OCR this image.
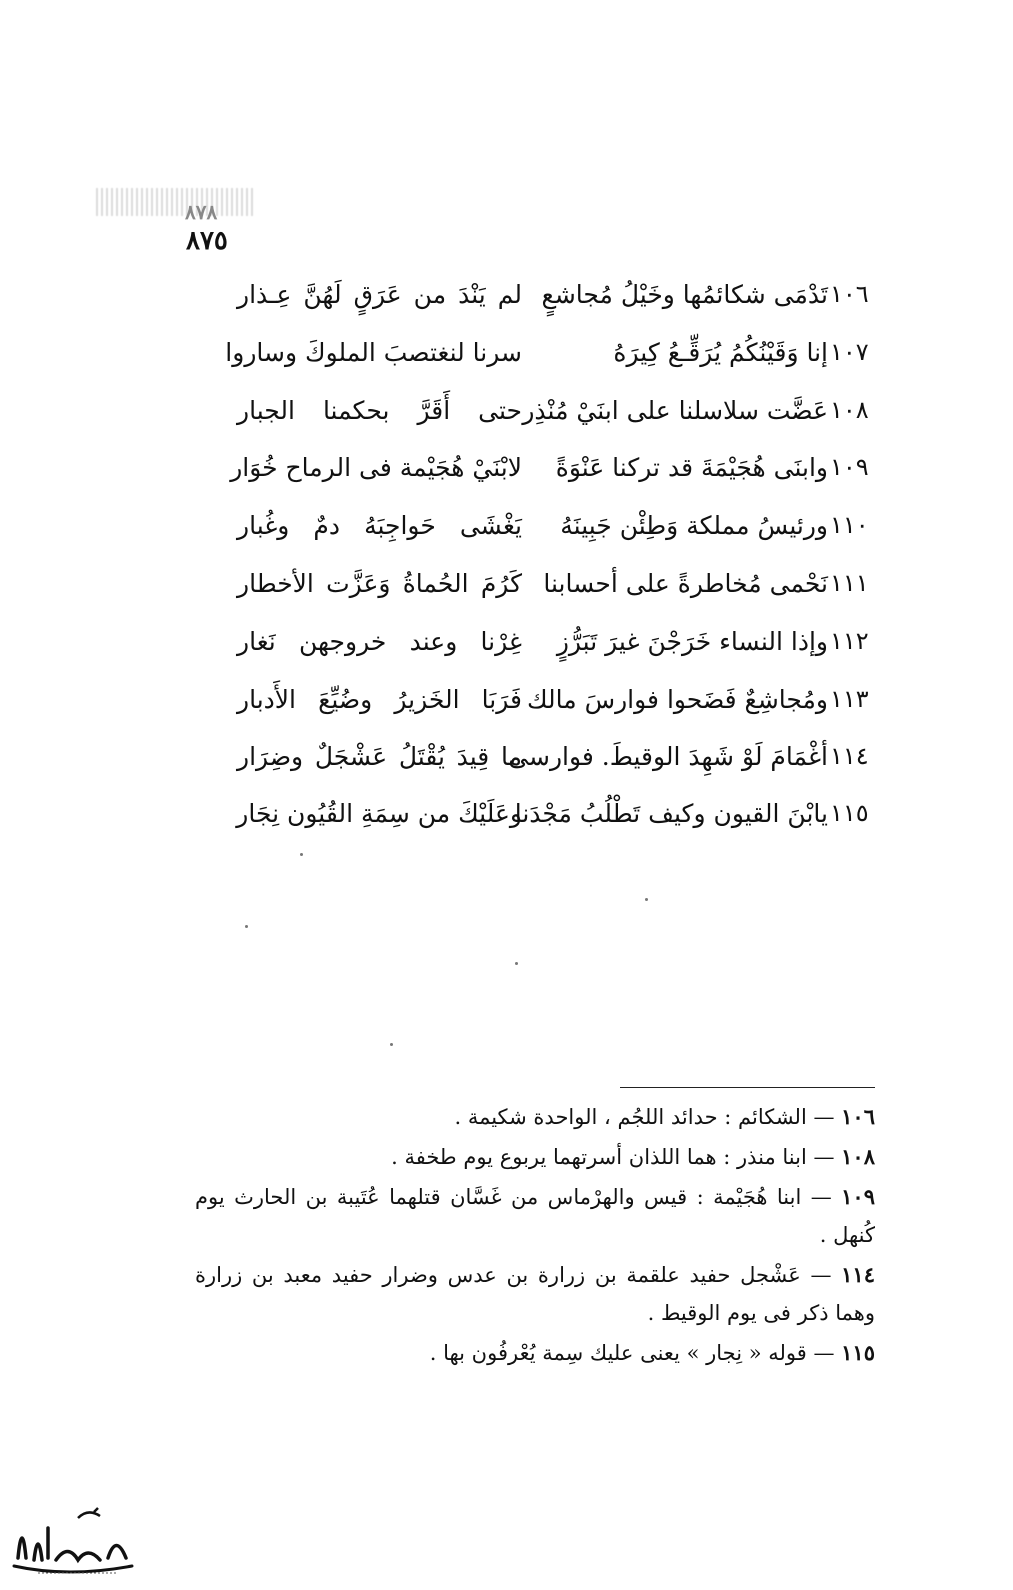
٨٧٨
٨٧٥
١٠٦
تَدْمَى شكائمُها وخَيْلُ مُجاشعٍ
لم يَنْدَ من عَرَقٍ لَهُنَّ عِـذار
١٠٧
إنا وَقَيْنُكُمُ يُرَقِّـعُ كِيرَهُ
سرنا لنغتصبَ الملوكَ وساروا
١٠٨
عَضَّت سلاسلنا على ابنَيْ مُنْذِر
حتى أَقَرَّ بحكمنا الجبار
١٠٩
وابنَى هُجَيْمَةَ قد تركنا عَنْوَةً
لابْنَيْ هُجَيْمة فى الرماح خُوَار
١١٠
ورئيسُ مملكة وَطِئْن جَبِينَهُ
يَغْشَى حَواجِبَهُ دمٌ وغُبار
١١١
نَحْمى مُخاطرةً على أحسابنا
كَرُمَ الحُماةُ وَعَزَّت الأخطار
١١٢
وإذا النساء خَرَجْنَ غيرَ تَبَرُّزٍ
غِرْنا وعند خروجهن نَغار
١١٣
ومُجاشِعٌ فَضَحوا فوارسَ مالك
فَرَبَا الخَزيرُ وضُيِّعَ الأَدبار
١١٤
أغْمَامَ لَوْ شَهِدَ الوقيطَ. فوارسى
ما قِيدَ يُقْتَلُ عَشْجَلٌ وضِرَار
١١٥
يابْنَ القيون وكيف تَطْلُبُ مَجْدَنا
وعَلَيْكَ من سِمَةِ القُيُون نِجَار

١٠٦ — الشكائم : حدائد اللجُم ، الواحدة شكيمة .

١٠٨ — ابنا منذر : هما اللذان أسرتهما يربوع يوم طخفة .

١٠٩ — ابنا هُجَيْمة : قيس والهرْماس من غَسَّان قتلهما عُتَيبة بن الحارث يوم كُنهل .

١١٤ — عَشْجل حفيد علقمة بن زرارة بن عدس وضرار حفيد معبد بن زرارة وهما ذكر فى يوم الوقيط .

١١٥ — قوله « نِجار » يعنى عليك سِمة يُعْرفُون بها .
